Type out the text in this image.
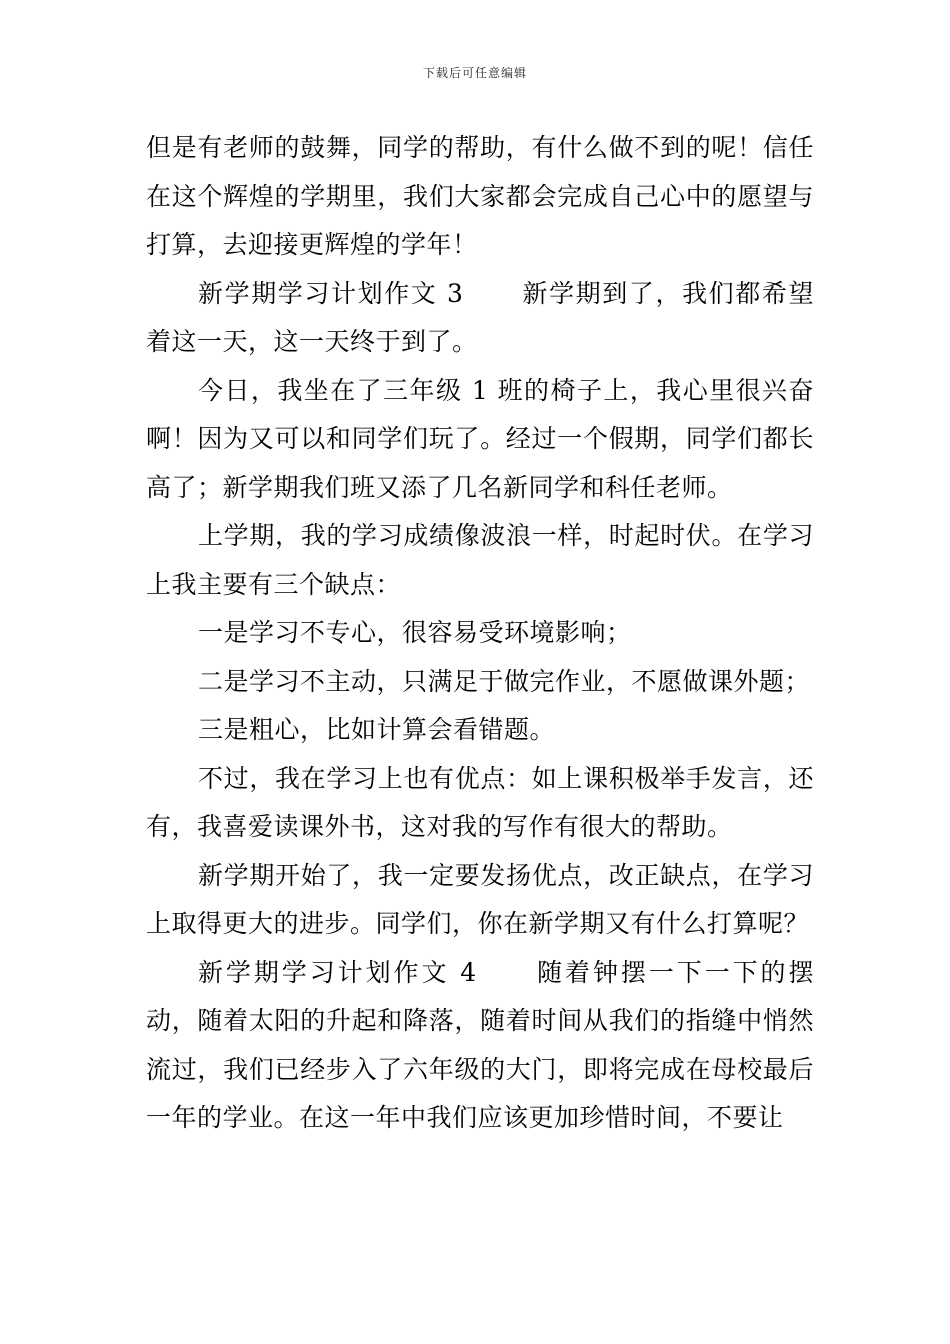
下载后可任意编辑

但是有老师的鼓舞，同学的帮助，有什么做不到的呢！信任在这个辉煌的学期里，我们大家都会完成自己心中的愿望与打算，去迎接更辉煌的学年！

新学期学习计划作文 3 新学期到了，我们都希望着这一天，这一天终于到了。

今日，我坐在了三年级 1 班的椅子上，我心里很兴奋啊！因为又可以和同学们玩了。经过一个假期，同学们都长高了；新学期我们班又添了几名新同学和科任老师。

上学期，我的学习成绩像波浪一样，时起时伏。在学习上我主要有三个缺点：

一是学习不专心，很容易受环境影响；

二是学习不主动，只满足于做完作业，不愿做课外题；

三是粗心，比如计算会看错题。

不过，我在学习上也有优点：如上课积极举手发言，还有，我喜爱读课外书，这对我的写作有很大的帮助。

新学期开始了，我一定要发扬优点，改正缺点，在学习上取得更大的进步。同学们，你在新学期又有什么打算呢？

新学期学习计划作文 4 随着钟摆一下一下的摆动，随着太阳的升起和降落，随着时间从我们的指缝中悄然流过，我们已经步入了六年级的大门，即将完成在母校最后一年的学业。在这一年中我们应该更加珍惜时间，不要让
